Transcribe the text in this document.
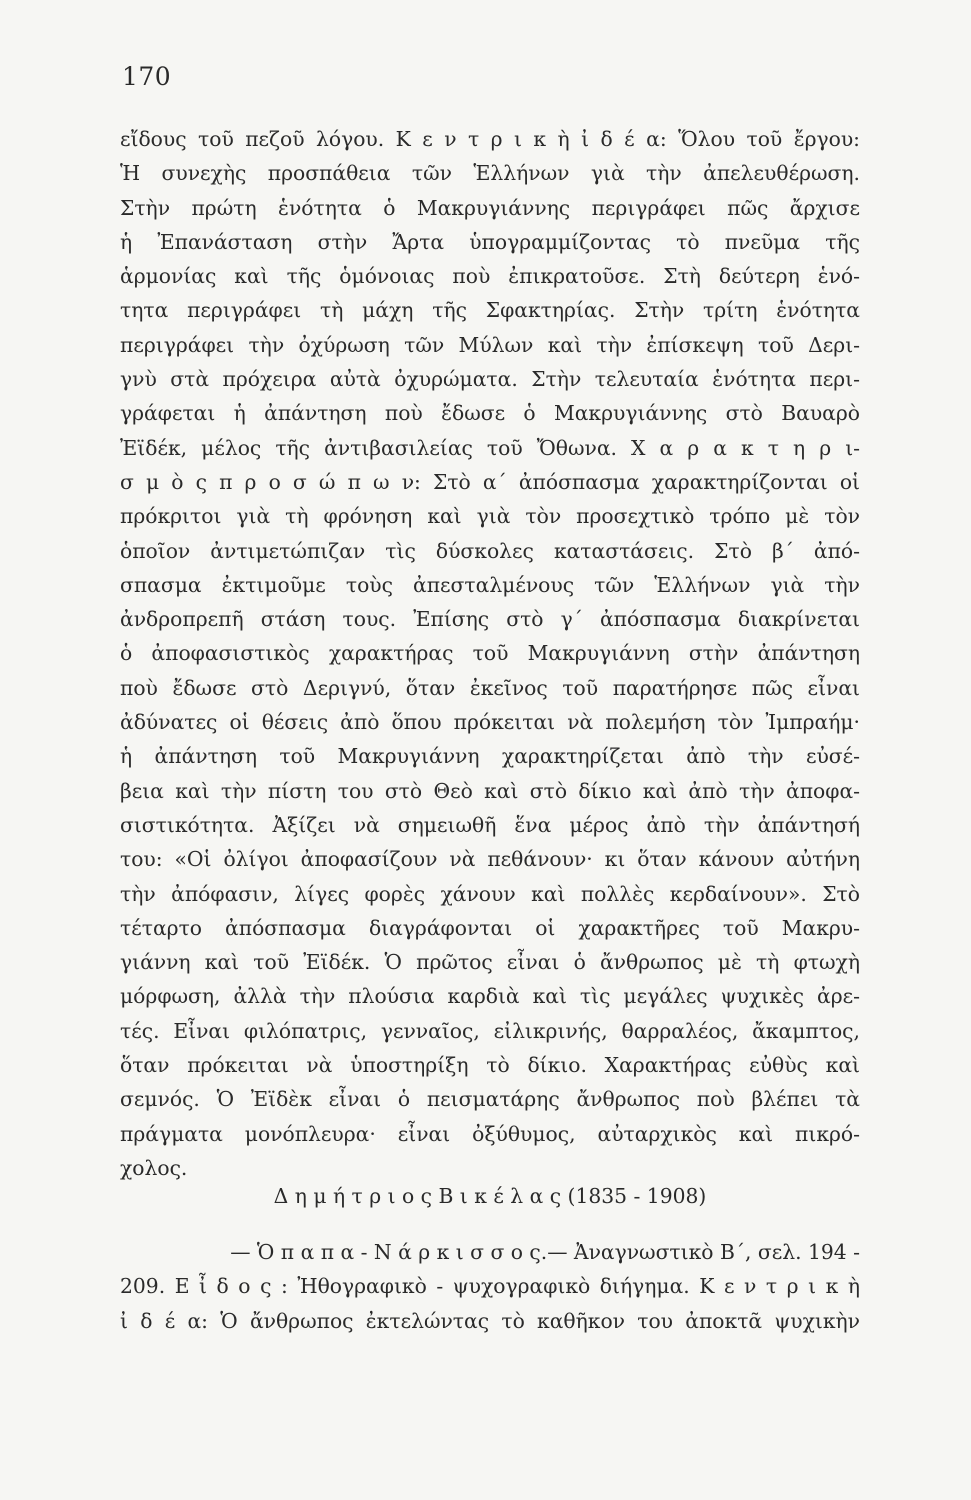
170
εἴδους τοῦ πεζοῦ λόγου. Κ ε ν τ ρ ι κ ὴ ἰ δ έ α: Ὅλου τοῦ ἔργου:
Ἡ συνεχὴς προσπάθεια τῶν Ἑλλήνων γιὰ τὴν ἀπελευθέρωση.
Στὴν πρώτη ἑνότητα ὁ Μακρυγιάννης περιγράφει πῶς ἄρχισε
ἡ Ἐπανάσταση στὴν Ἄρτα ὑπογραμμίζοντας τὸ πνεῦμα τῆς
ἁρμονίας καὶ τῆς ὁμόνοιας ποὺ ἐπικρατοῦσε. Στὴ δεύτερη ἑνό-
τητα περιγράφει τὴ μάχη τῆς Σφακτηρίας. Στὴν τρίτη ἑνότητα
περιγράφει τὴν ὀχύρωση τῶν Μύλων καὶ τὴν ἐπίσκεψη τοῦ Δερι-
γνὺ στὰ πρόχειρα αὐτὰ ὀχυρώματα. Στὴν τελευταία ἑνότητα περι-
γράφεται ἡ ἀπάντηση ποὺ ἔδωσε ὁ Μακρυγιάννης στὸ Βαυαρὸ
Ἐϊδέκ, μέλος τῆς ἀντιβασιλείας τοῦ Ὄθωνα. Χ α ρ α κ τ η ρ ι-
σ μ ὸ ς π ρ ο σ ώ π ω ν: Στὸ α΄ ἀπόσπασμα χαρακτηρίζονται οἱ
πρόκριτοι γιὰ τὴ φρόνηση καὶ γιὰ τὸν προσεχτικὸ τρόπο μὲ τὸν
ὁποῖον ἀντιμετώπιζαν τὶς δύσκολες καταστάσεις. Στὸ β΄ ἀπό-
σπασμα ἐκτιμοῦμε τοὺς ἀπεσταλμένους τῶν Ἑλλήνων γιὰ τὴν
ἀνδροπρεπῆ στάση τους. Ἐπίσης στὸ γ΄ ἀπόσπασμα διακρίνεται
ὁ ἀποφασιστικὸς χαρακτήρας τοῦ Μακρυγιάννη στὴν ἀπάντηση
ποὺ ἔδωσε στὸ Δεριγνύ, ὅταν ἐκεῖνος τοῦ παρατήρησε πῶς εἶναι
ἀδύνατες οἱ θέσεις ἀπὸ ὅπου πρόκειται νὰ πολεμήση τὸν Ἰμπραήμ·
ἡ ἀπάντηση τοῦ Μακρυγιάννη χαρακτηρίζεται ἀπὸ τὴν εὐσέ-
βεια καὶ τὴν πίστη του στὸ Θεὸ καὶ στὸ δίκιο καὶ ἀπὸ τὴν ἀποφα-
σιστικότητα. Ἀξίζει νὰ σημειωθῆ ἕνα μέρος ἀπὸ τὴν ἀπάντησή
του: «Οἱ ὀλίγοι ἀποφασίζουν νὰ πεθάνουν· κι ὅταν κάνουν αὐτήνη
τὴν ἀπόφασιν, λίγες φορὲς χάνουν καὶ πολλὲς κερδαίνουν». Στὸ
τέταρτο ἀπόσπασμα διαγράφονται οἱ χαρακτῆρες τοῦ Μακρυ-
γιάννη καὶ τοῦ Ἐϊδέκ. Ὁ πρῶτος εἶναι ὁ ἄνθρωπος μὲ τὴ φτωχὴ
μόρφωση, ἀλλὰ τὴν πλούσια καρδιὰ καὶ τὶς μεγάλες ψυχικὲς ἀρε-
τές. Εἶναι φιλόπατρις, γενναῖος, εἰλικρινής, θαρραλέος, ἄκαμπτος,
ὅταν πρόκειται νὰ ὑποστηρίξη τὸ δίκιο. Χαρακτήρας εὐθὺς καὶ
σεμνός. Ὁ Ἐϊδὲκ εἶναι ὁ πεισματάρης ἄνθρωπος ποὺ βλέπει τὰ
πράγματα μονόπλευρα· εἶναι ὀξύθυμος, αὐταρχικὸς καὶ πικρό-
χολος.
Δ η μ ή τ ρ ι ο ς Β ι κ έ λ α ς (1835 - 1908)
— Ὁ π α π α - Ν ά ρ κ ι σ σ ο ς.— Ἀναγνωστικὸ Β΄, σελ. 194 -
209. Ε ἶ δ ο ς : Ἠθογραφικὸ - ψυχογραφικὸ διήγημα. Κ ε ν τ ρ ι κ ὴ
ἰ δ έ α: Ὁ ἄνθρωπος ἐκτελώντας τὸ καθῆκον του ἀποκτᾶ ψυχικὴν
